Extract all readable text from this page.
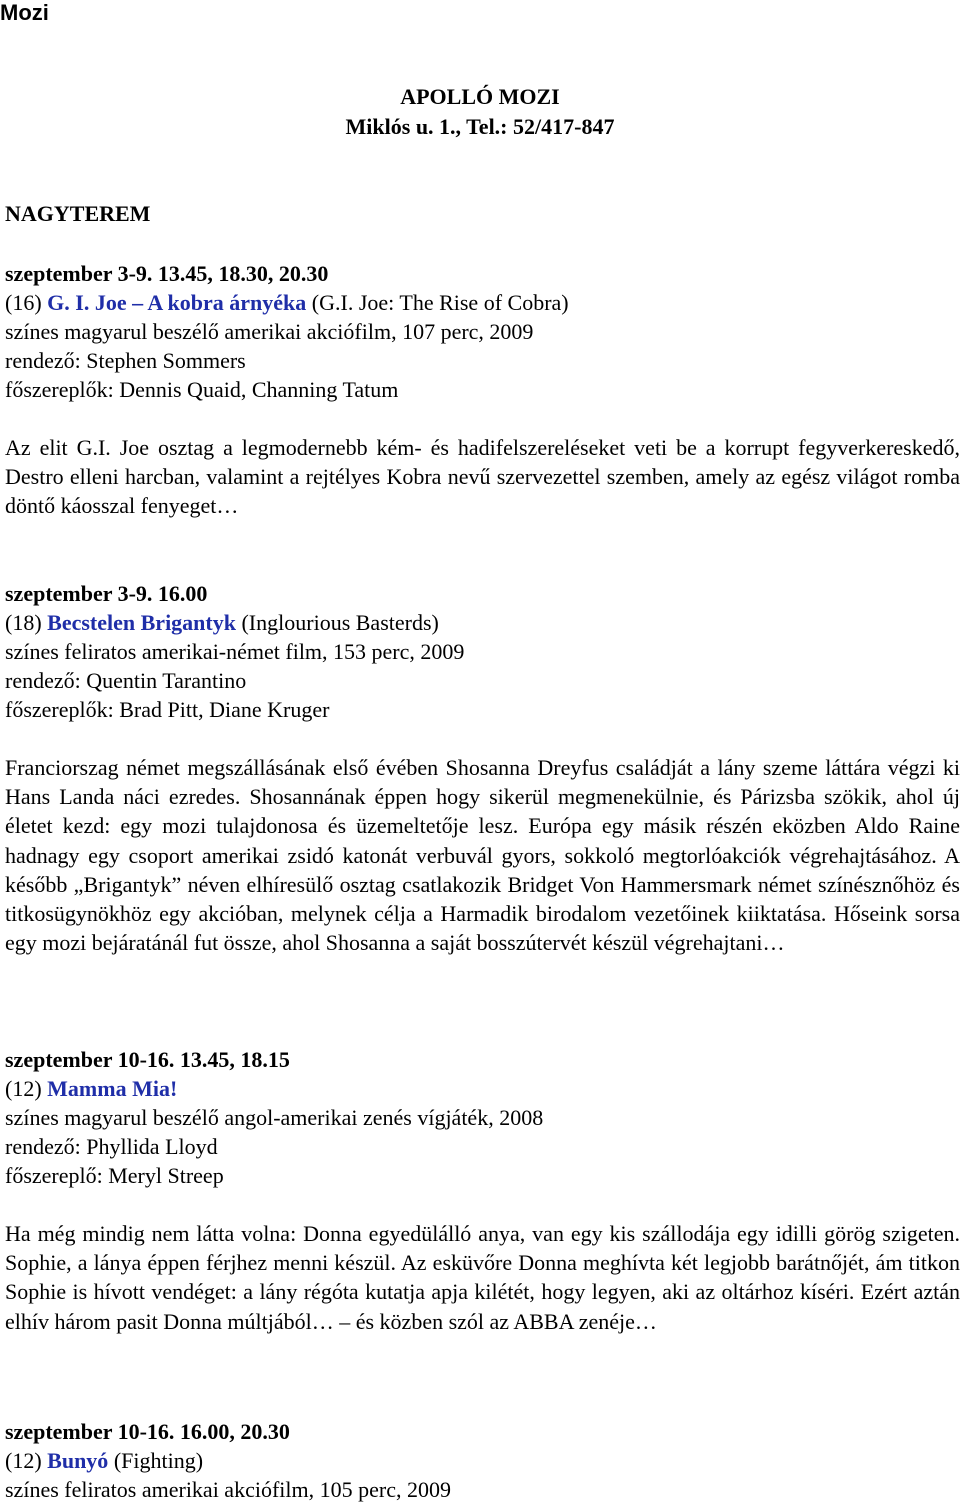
Mozi
APOLLÓ MOZI
Miklós u. 1., Tel.: 52/417-847
NAGYTEREM
szeptember 3-9. 13.45, 18.30, 20.30
(16) G. I. Joe – A kobra árnyéka (G.I. Joe: The Rise of Cobra)
színes magyarul beszélő amerikai akciófilm, 107 perc, 2009
rendező: Stephen Sommers
főszereplők: Dennis Quaid, Channing Tatum
Az elit G.I. Joe osztag a legmodernebb kém- és hadifelszereléseket veti be a korrupt fegyverkereskedő, Destro elleni harcban, valamint a rejtélyes Kobra nevű szervezettel szemben, amely az egész világot romba döntő káosszal fenyeget…
szeptember 3-9. 16.00
(18) Becstelen Brigantyk (Inglourious Basterds)
színes feliratos amerikai-német film, 153 perc, 2009
rendező: Quentin Tarantino
főszereplők: Brad Pitt, Diane Kruger
Franciorszag német megszállásának első évében Shosanna Dreyfus családját a lány szeme láttára végzi ki Hans Landa náci ezredes. Shosannának éppen hogy sikerül megmenekülnie, és Párizsba szökik, ahol új életet kezd: egy mozi tulajdonosa és üzemeltetője lesz. Európa egy másik részén eközben Aldo Raine hadnagy egy csoport amerikai zsidó katonát verbuvál gyors, sokkoló megtorlóakciók végrehajtásához. A később „Brigantyk” néven elhíresülő osztag csatlakozik Bridget Von Hammersmark német színésznőhöz és titkosügynökhöz egy akcióban, melynek célja a Harmadik birodalom vezetőinek kiiktatása. Hőseink sorsa egy mozi bejáratánál fut össze, ahol Shosanna a saját bosszútervét készül végrehajtani…
szeptember 10-16. 13.45, 18.15
(12) Mamma Mia!
színes magyarul beszélő angol-amerikai zenés vígjáték, 2008
rendező: Phyllida Lloyd
főszereplő: Meryl Streep
Ha még mindig nem látta volna: Donna egyedülálló anya, van egy kis szállodája egy idilli görög szigeten. Sophie, a lánya éppen férjhez menni készül. Az esküvőre Donna meghívta két legjobb barátnőjét, ám titkon Sophie is hívott vendéget: a lány régóta kutatja apja kilétét, hogy legyen, aki az oltárhoz kíséri. Ezért aztán elhív három pasit Donna múltjából… – és közben szól az ABBA zenéje…
szeptember 10-16. 16.00, 20.30
(12) Bunyó (Fighting)
színes feliratos amerikai akciófilm, 105 perc, 2009
